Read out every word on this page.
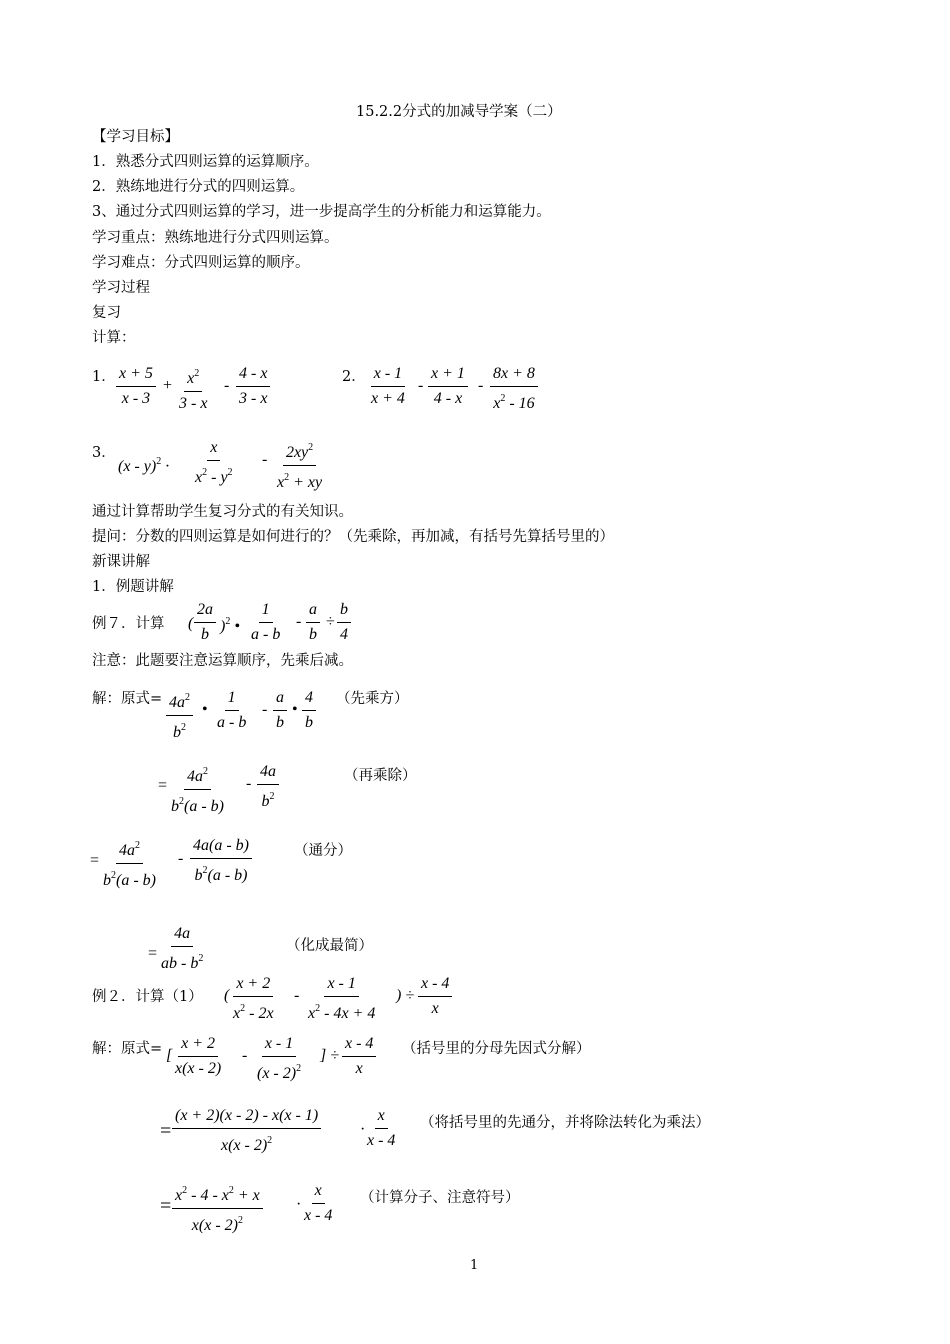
15.2.2分式的加减导学案（二）
【学习目标】
1．熟悉分式四则运算的运算顺序。
2．熟练地进行分式的四则运算。
3、通过分式四则运算的学习，进一步提高学生的分析能力和运算能力。
学习重点：熟练地进行分式四则运算。
学习难点：分式四则运算的顺序。
学习过程
复习
计算：
1． $\frac{x + 5}{x - 3} + \frac{x^2}{3 - x} - \frac{4 - x}{3 - x}$	2． $\frac{x - 1}{x + 4} - \frac{x + 1}{4 - x} - \frac{8x + 8}{x^2 - 16}$
3．
$(x - y)^2 \cdot \frac{x}{x^2 - y^2} - \frac{2xy^2}{x^2 + xy}$
通过计算帮助学生复习分式的有关知识。
提问：分数的四则运算是如何进行的？（先乘除，再加减，有括号先算括号里的）
新课讲解
1．例题讲解
例７．计算 ( $\frac{2a}{b} )^2$ • $\frac{1}{a - b} - \frac{a}{b} \div \frac{b}{4}$
注意：此题要注意运算顺序，先乘后减。
解：原式= $\frac{4a^2}{b^2}$ • $\frac{1}{a - b} - \frac{a}{b}$ • $\frac{4}{b}$ （先乘方）
= $\frac{4a^2}{b^2(a - b)} - \frac{4a}{b^2}$	（再乘除）
= $\frac{4a^2}{b^2(a - b)} - \frac{4a(a - b)}{b^2(a - b)}$	（通分）
= $\frac{4a}{ab - b^2}$	（化成最简）
例２．计算（1） ( $\frac{x + 2}{x^2 - 2x} - \frac{x - 1}{x^2 - 4x + 4}$ ) ÷ $\frac{x - 4}{x}$
解：原式= [ $\frac{x + 2}{x(x - 2)} - \frac{x - 1}{(x - 2)^2}$ ] ÷ $\frac{x - 4}{x}$ （括号里的分母先因式分解）
= $\frac{(x + 2)(x - 2) - x(x - 1)}{x(x - 2)^2}$ ·
$\frac{x}{x - 4}$ （将括号里的先通分，并将除法转化为乘法）
= $\frac{x^2 - 4 - x^2 + x}{x(x - 2)^2} \cdot \frac{x}{x - 4}$ （计算分子、注意符号）
1
